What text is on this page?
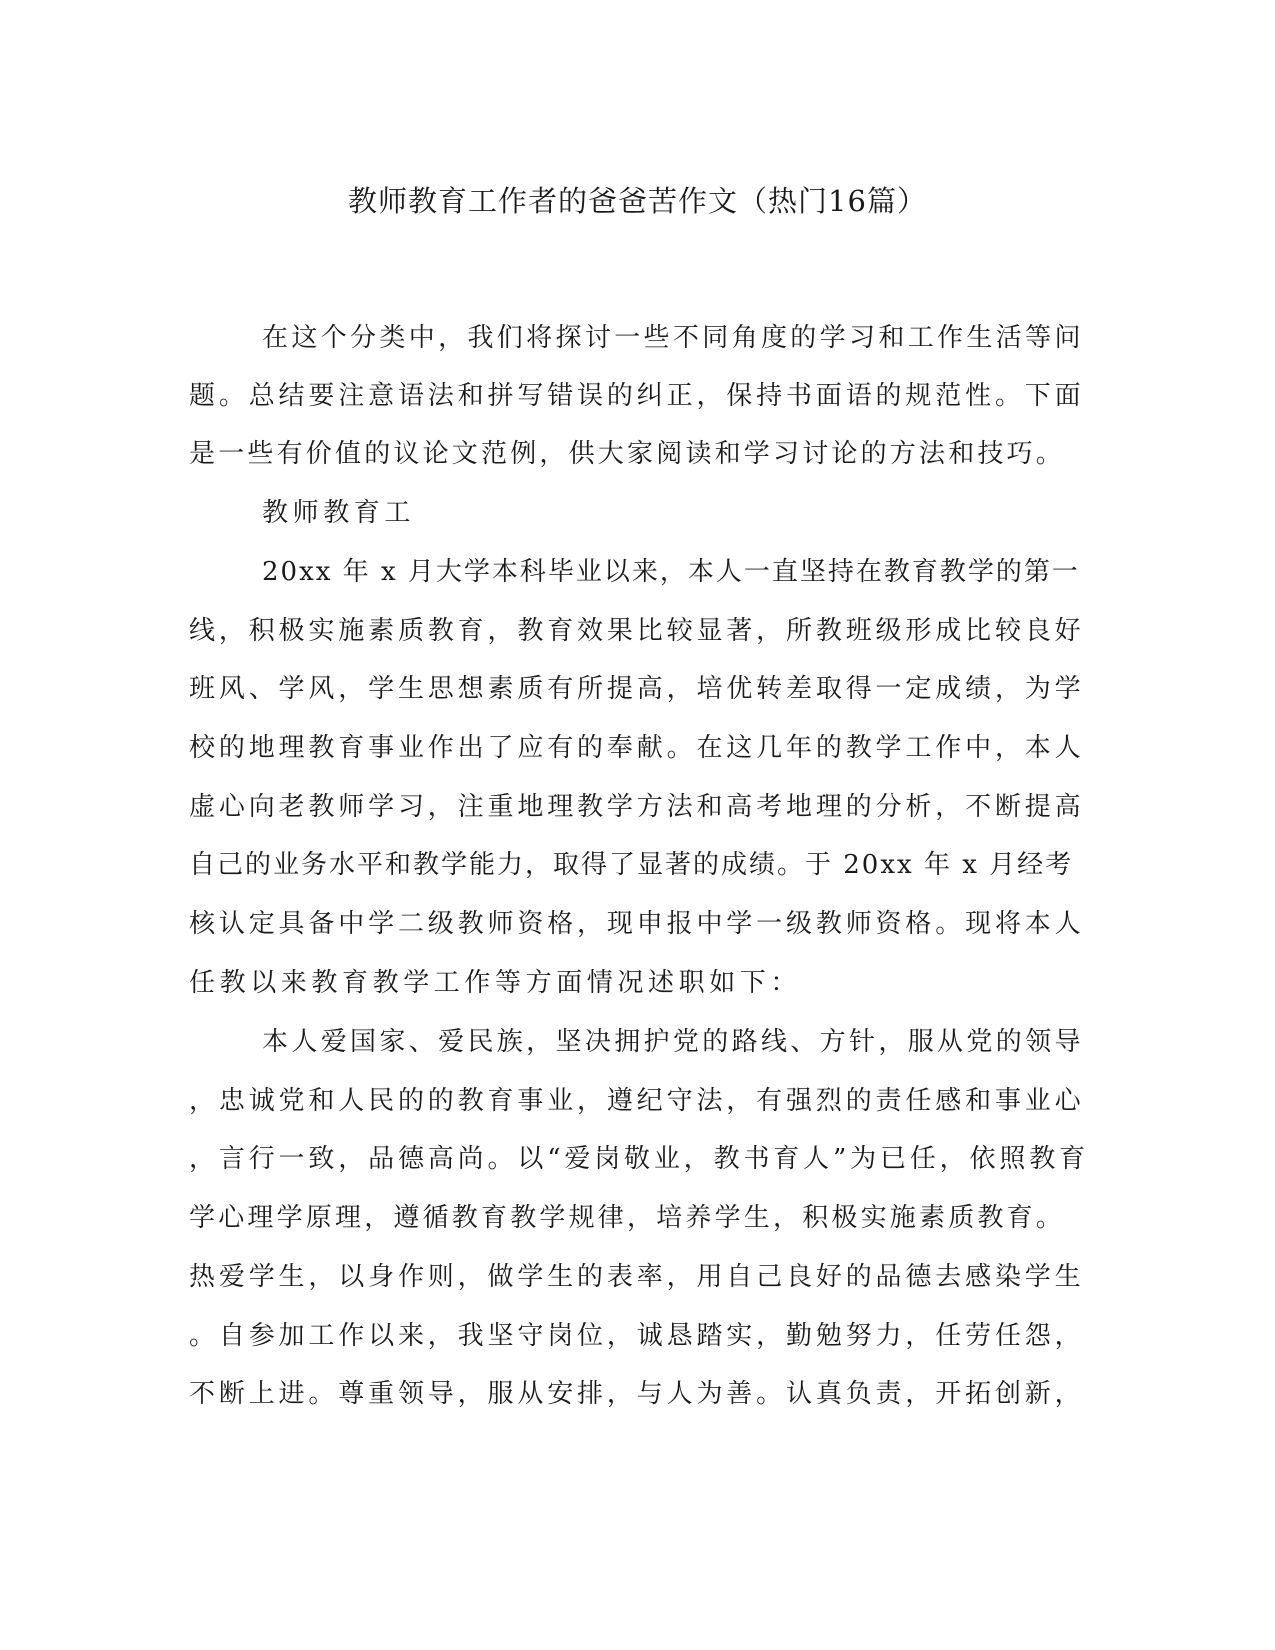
教师教育工作者的爸爸苦作文（热门16篇）
在这个分类中，我们将探讨一些不同角度的学习和工作生活等问
题。总结要注意语法和拼写错误的纠正，保持书面语的规范性。下面
是一些有价值的议论文范例，供大家阅读和学习讨论的方法和技巧。
教师教育工
20xx 年 x 月大学本科毕业以来，本人一直坚持在教育教学的第一
线，积极实施素质教育，教育效果比较显著，所教班级形成比较良好
班风、学风，学生思想素质有所提高，培优转差取得一定成绩，为学
校的地理教育事业作出了应有的奉献。在这几年的教学工作中，本人
虚心向老教师学习，注重地理教学方法和高考地理的分析，不断提高
自己的业务水平和教学能力，取得了显著的成绩。于 20xx 年 x 月经考
核认定具备中学二级教师资格，现申报中学一级教师资格。现将本人
任教以来教育教学工作等方面情况述职如下：
本人爱国家、爱民族，坚决拥护党的路线、方针，服从党的领导
，忠诚党和人民的的教育事业，遵纪守法，有强烈的责任感和事业心
，言行一致，品德高尚。以“爱岗敬业，教书育人”为已任，依照教育
学心理学原理，遵循教育教学规律，培养学生，积极实施素质教育。
热爱学生，以身作则，做学生的表率，用自己良好的品德去感染学生
。自参加工作以来，我坚守岗位，诚恳踏实，勤勉努力，任劳任怨，
不断上进。尊重领导，服从安排，与人为善。认真负责，开拓创新，
